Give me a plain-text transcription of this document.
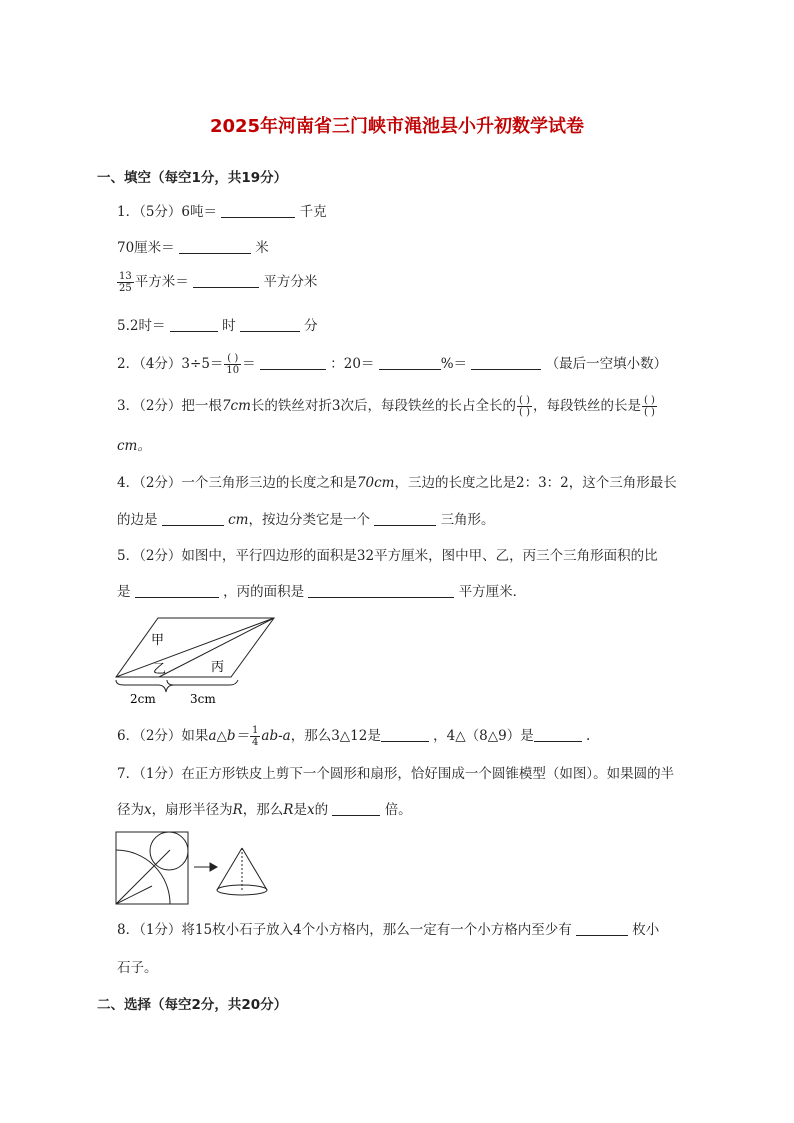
2025年河南省三门峡市渑池县小升初数学试卷
一、填空（每空1分，共19分）
1．（5分）6吨＝	千克
70厘米＝	米
$\frac{13}{25}$ 平方米＝	平方分米
5.2时＝	时	分
2．（4分）$3\div 5= \frac{( )}{10}$ ＝	：20＝	%＝	（最后一空填小数）
3．（2分）把一根7cm长的铁丝对折3次后，每段铁丝的长占全长的 $\frac{( )}{( )}$ ，每段铁丝的长是 $\frac{( )}{( )}$
cm。
4．（2分）一个三角形三边的长度之和是70cm，三边的长度之比是2：3：2，这个三角形最长
的边是	cm，按边分类它是一个	三角形。
5．（2分）如图中，平行四边形的面积是32平方厘米，图中甲、乙，丙三个三角形面积的比
是	，丙的面积是	平方厘米．
甲
乙	丙
2cm	3cm
6．（2分）如果a△b＝ $\frac{1}{4} ab-a$，那么3△12是	，4△（8△9）是	.
7．（1分）在正方形铁皮上剪下一个圆形和扇形，恰好围成一个圆锥模型（如图）。如果圆的半
径为x，扇形半径为R，那么R是x的	倍。
8．（1分）将15枚小石子放入4个小方格内，那么一定有一个小方格内至少有	枚小
石子。
二、选择（每空2分，共20分）
